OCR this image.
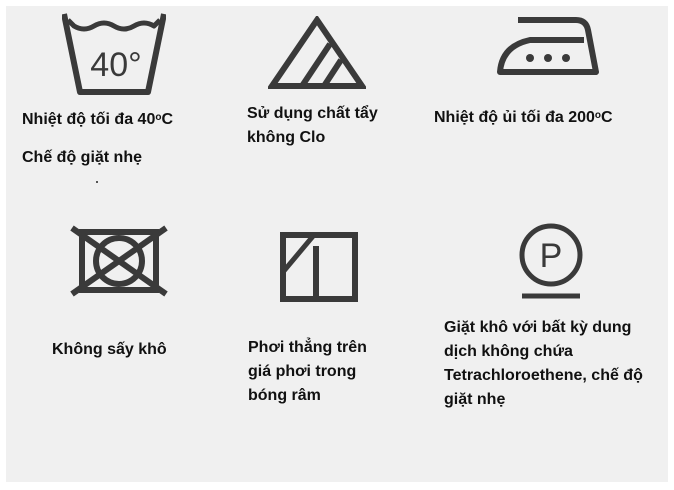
40°

Nhiệt độ tối đa 40$^o$C

Chế độ giặt nhẹ

Sử dụng chất tẩy
không Clo

Nhiệt độ ủi tối đa 200$^o$C

Không sấy khô	Phơi thẳng trên
giá phơi trong
bóng râm

P

Giặt khô với bất kỳ dung
dịch không chứa
Tetrachloroethene, chế độ
giặt nhẹ
